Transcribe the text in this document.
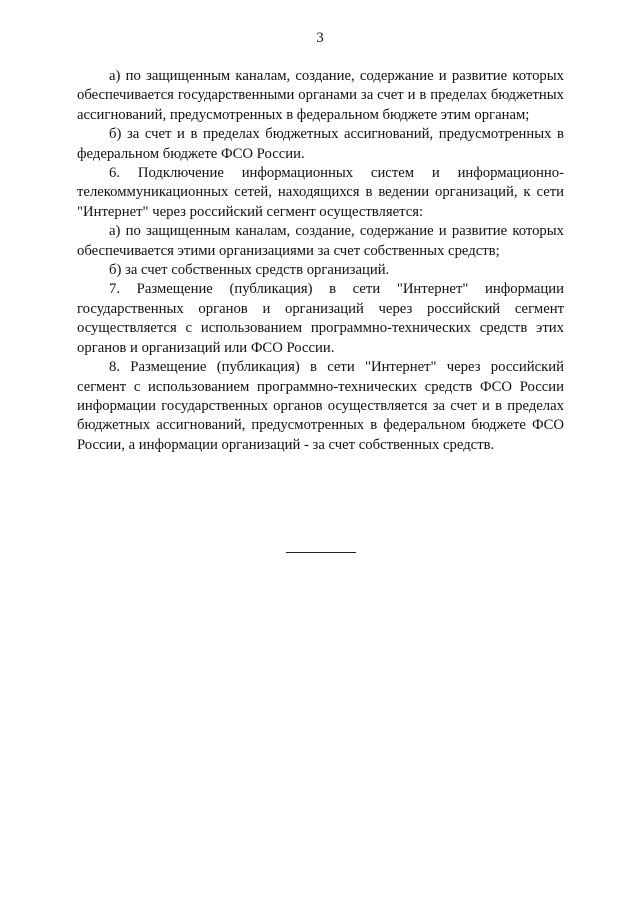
3

а) по защищенным каналам, создание, содержание и развитие которых обеспечивается государственными органами за счет и в пределах бюджетных ассигнований, предусмотренных в федеральном бюджете этим органам;

б) за счет и в пределах бюджетных ассигнований, предусмотренных в федеральном бюджете ФСО России.

6. Подключение информационных систем и информационно-телекоммуникационных сетей, находящихся в ведении организаций, к сети "Интернет" через российский сегмент осуществляется:

а) по защищенным каналам, создание, содержание и развитие которых обеспечивается этими организациями за счет собственных средств;

б) за счет собственных средств организаций.

7. Размещение (публикация) в сети "Интернет" информации государственных органов и организаций через российский сегмент осуществляется с использованием программно-технических средств этих органов и организаций или ФСО России.

8. Размещение (публикация) в сети "Интернет" через российский сегмент с использованием программно-технических средств ФСО России информации государственных органов осуществляется за счет и в пределах бюджетных ассигнований, предусмотренных в федеральном бюджете ФСО России, а информации организаций - за счет собственных средств.
